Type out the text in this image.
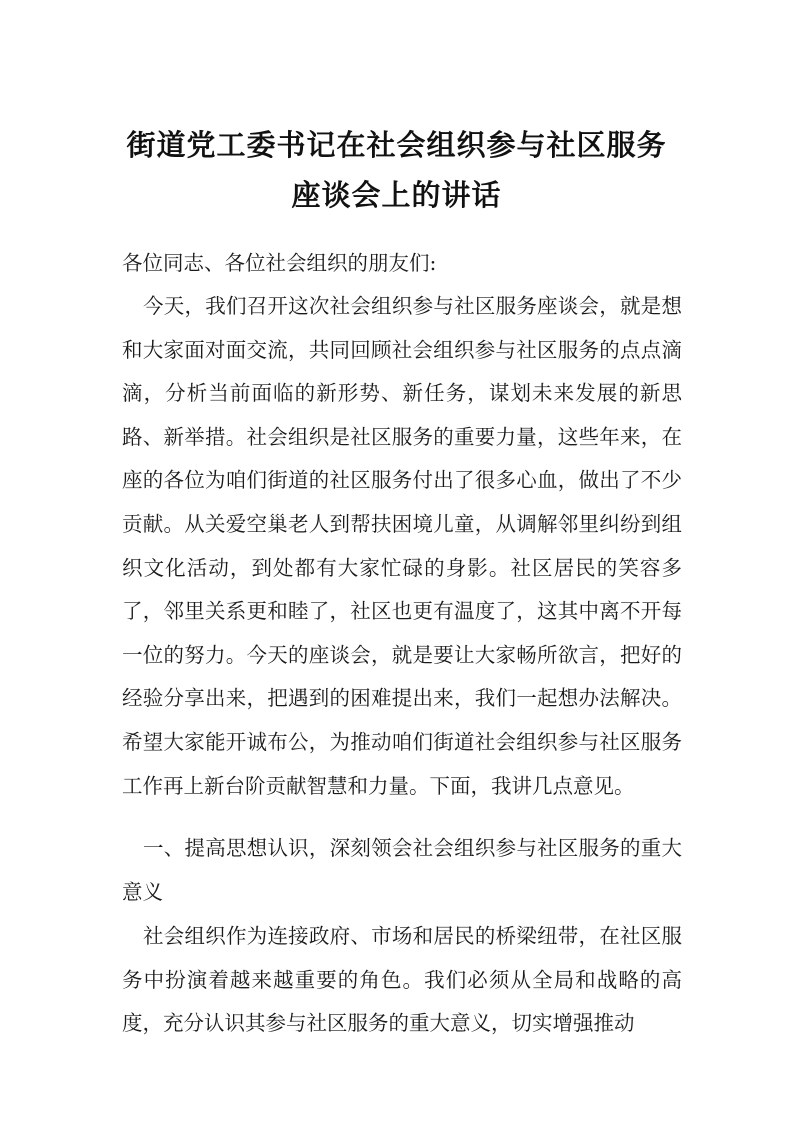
街道党工委书记在社会组织参与社区服务
座谈会上的讲话
各位同志、各位社会组织的朋友们:
今天，我们召开这次社会组织参与社区服务座谈会，就是想和大家面对面交流，共同回顾社会组织参与社区服务的点点滴滴，分析当前面临的新形势、新任务，谋划未来发展的新思路、新举措。社会组织是社区服务的重要力量，这些年来，在座的各位为咱们街道的社区服务付出了很多心血，做出了不少贡献。从关爱空巢老人到帮扶困境儿童，从调解邻里纠纷到组织文化活动，到处都有大家忙碌的身影。社区居民的笑容多了，邻里关系更和睦了，社区也更有温度了，这其中离不开每一位的努力。今天的座谈会，就是要让大家畅所欲言，把好的经验分享出来，把遇到的困难提出来，我们一起想办法解决。希望大家能开诚布公，为推动咱们街道社会组织参与社区服务工作再上新台阶贡献智慧和力量。下面，我讲几点意见。
一、提高思想认识，深刻领会社会组织参与社区服务的重大意义
社会组织作为连接政府、市场和居民的桥梁纽带，在社区服务中扮演着越来越重要的角色。我们必须从全局和战略的高度，充分认识其参与社区服务的重大意义，切实增强推动
